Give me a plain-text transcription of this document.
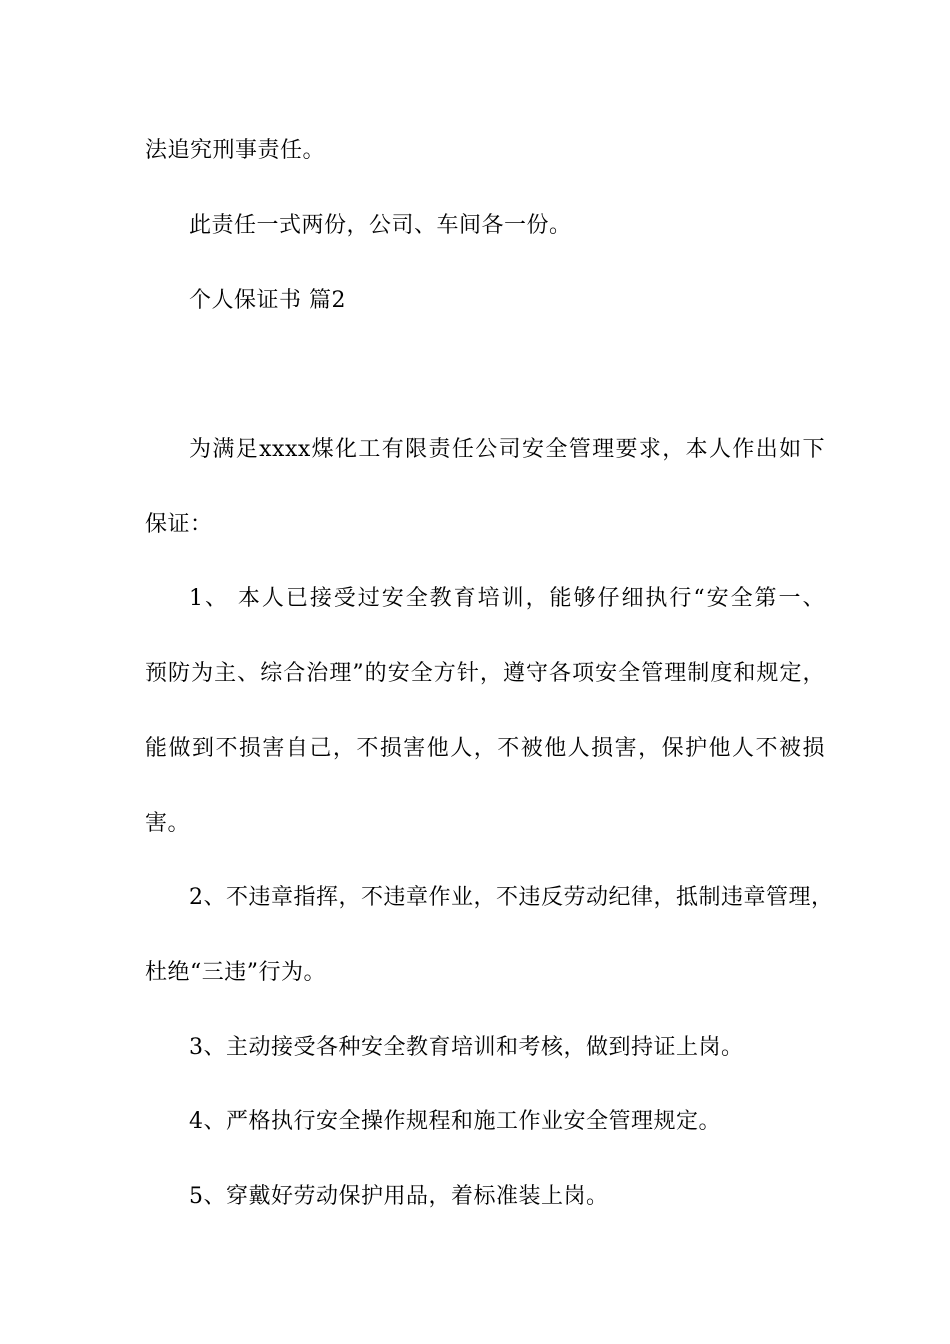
法追究刑事责任。
此责任一式两份，公司、车间各一份。
个人保证书 篇2
为满足xxxx煤化工有限责任公司安全管理要求，本人作出如下
保证：
1、 本人已接受过安全教育培训，能够仔细执行“安全第一、
预防为主、综合治理”的安全方针，遵守各项安全管理制度和规定，
能做到不损害自己，不损害他人，不被他人损害，保护他人不被损
害。
2、不违章指挥，不违章作业，不违反劳动纪律，抵制违章管理，
杜绝“三违”行为。
3、主动接受各种安全教育培训和考核，做到持证上岗。
4、严格执行安全操作规程和施工作业安全管理规定。
5、穿戴好劳动保护用品，着标准装上岗。
